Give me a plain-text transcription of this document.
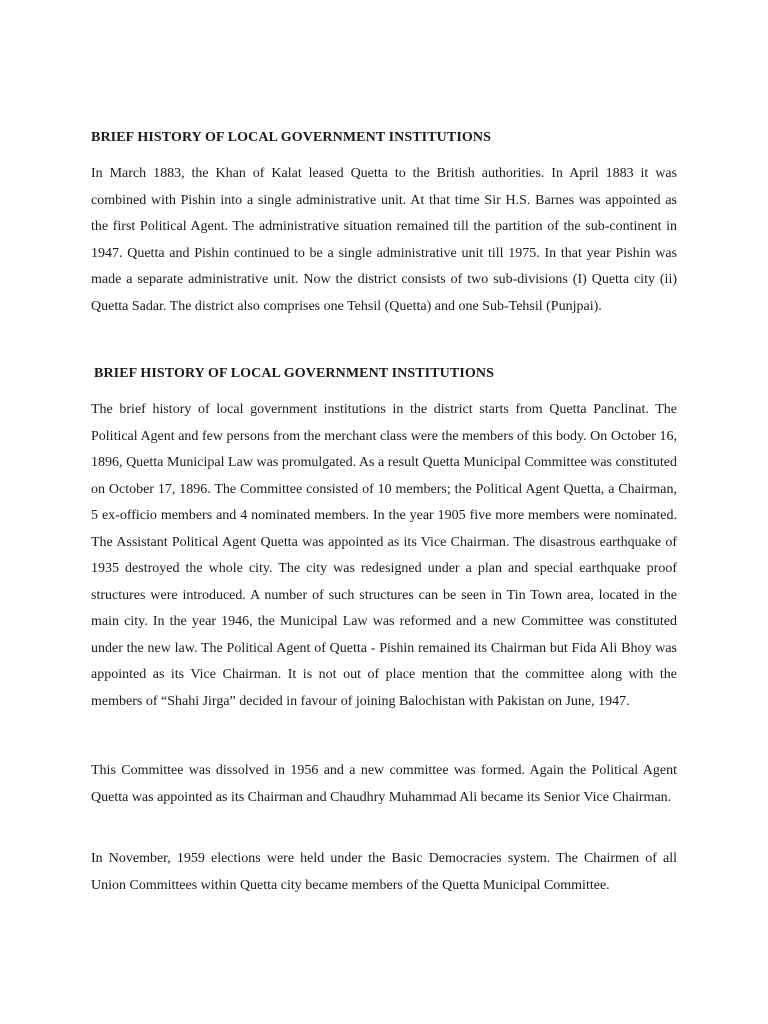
BRIEF HISTORY OF LOCAL GOVERNMENT INSTITUTIONS

In March 1883, the Khan of Kalat leased Quetta to the British authorities. In April 1883 it was combined with Pishin into a single administrative unit. At that time Sir H.S. Barnes was appointed as the first Political Agent. The administrative situation remained till the partition of the sub-continent in 1947. Quetta and Pishin continued to be a single administrative unit till 1975. In that year Pishin was made a separate administrative unit. Now the district consists of two sub-divisions (I) Quetta city (ii) Quetta Sadar. The district also comprises one Tehsil (Quetta) and one Sub-Tehsil (Punjpai).

BRIEF HISTORY OF LOCAL GOVERNMENT INSTITUTIONS

The brief history of local government institutions in the district starts from Quetta Panclinat. The Political Agent and few persons from the merchant class were the members of this body. On October 16, 1896, Quetta Municipal Law was promulgated. As a result Quetta Municipal Committee was constituted on October 17, 1896. The Committee consisted of 10 members; the Political Agent Quetta, a Chairman, 5 ex-officio members and 4 nominated members. In the year 1905 five more members were nominated. The Assistant Political Agent Quetta was appointed as its Vice Chairman. The disastrous earthquake of 1935 destroyed the whole city. The city was redesigned under a plan and special earthquake proof structures were introduced. A number of such structures can be seen in Tin Town area, located in the main city. In the year 1946, the Municipal Law was reformed and a new Committee was constituted under the new law. The Political Agent of Quetta - Pishin remained its Chairman but Fida Ali Bhoy was appointed as its Vice Chairman. It is not out of place mention that the committee along with the members of “Shahi Jirga” decided in favour of joining Balochistan with Pakistan on June, 1947.

This Committee was dissolved in 1956 and a new committee was formed. Again the Political Agent Quetta was appointed as its Chairman and Chaudhry Muhammad Ali became its Senior Vice Chairman.

In November, 1959 elections were held under the Basic Democracies system. The Chairmen of all Union Committees within Quetta city became members of the Quetta Municipal Committee.
